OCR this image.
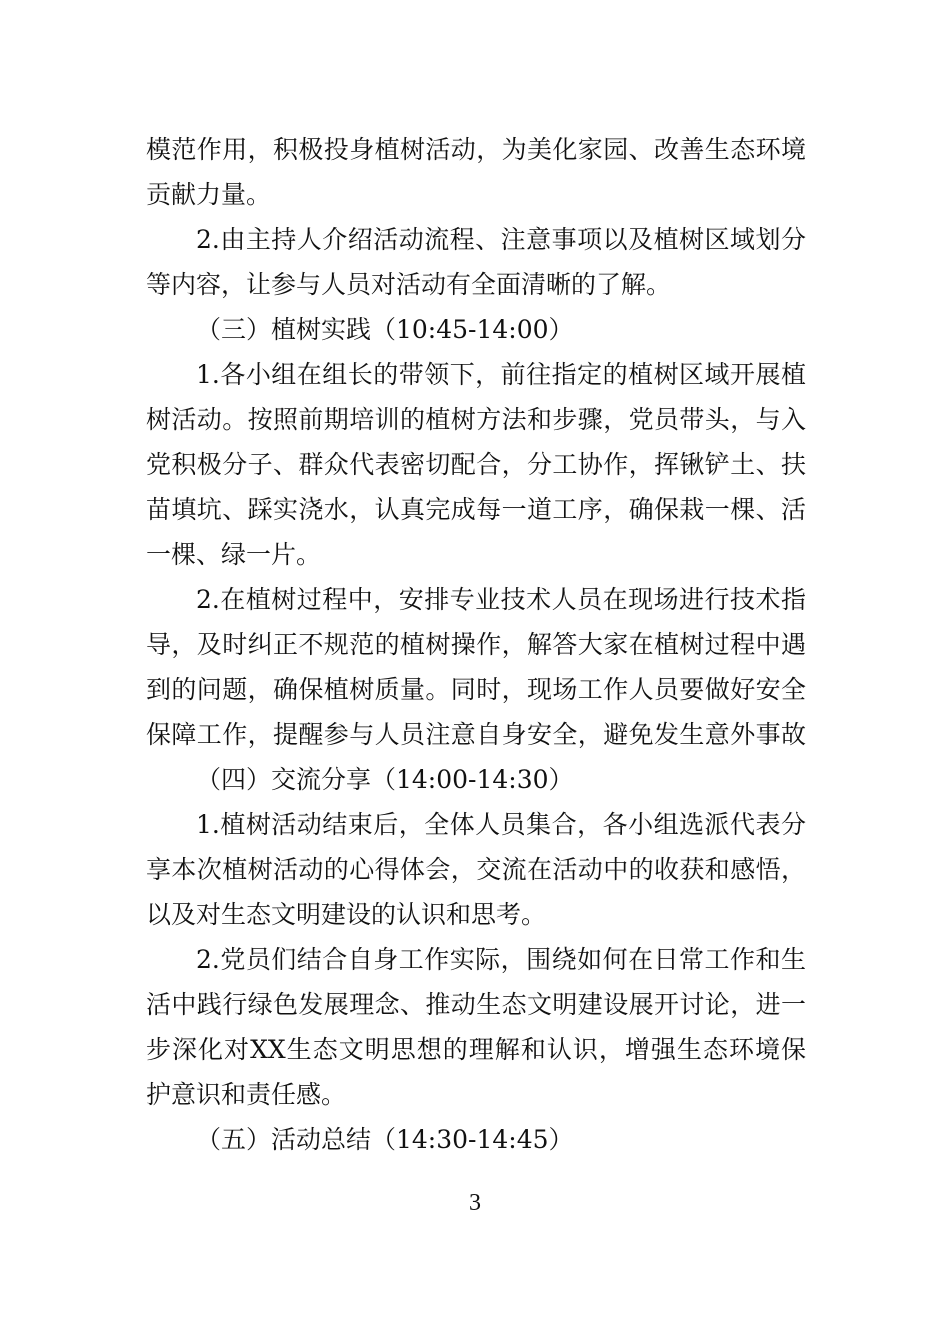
模范作用，积极投身植树活动，为美化家园、改善生态环境
贡献力量。
2.由主持人介绍活动流程、注意事项以及植树区域划分
等内容，让参与人员对活动有全面清晰的了解。
（三）植树实践（10:45-14:00）
1.各小组在组长的带领下，前往指定的植树区域开展植
树活动。按照前期培训的植树方法和步骤，党员带头，与入
党积极分子、群众代表密切配合，分工协作，挥锹铲土、扶
苗填坑、踩实浇水，认真完成每一道工序，确保栽一棵、活
一棵、绿一片。
2.在植树过程中，安排专业技术人员在现场进行技术指
导，及时纠正不规范的植树操作，解答大家在植树过程中遇
到的问题，确保植树质量。同时，现场工作人员要做好安全
保障工作，提醒参与人员注意自身安全，避免发生意外事故
（四）交流分享（14:00-14:30）
1.植树活动结束后，全体人员集合，各小组选派代表分
享本次植树活动的心得体会，交流在活动中的收获和感悟，
以及对生态文明建设的认识和思考。
2.党员们结合自身工作实际，围绕如何在日常工作和生
活中践行绿色发展理念、推动生态文明建设展开讨论，进一
步深化对XX生态文明思想的理解和认识，增强生态环境保
护意识和责任感。
（五）活动总结（14:30-14:45）
3
